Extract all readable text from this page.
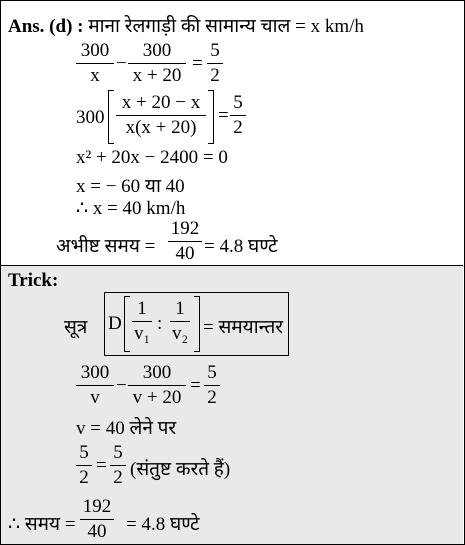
Ans. (d) : माना रेलगाड़ी की सामान्य चाल = x km/h
300
x
−
300
x + 20
=
5
2
300
x + 20 − x
x(x + 20)
=
5
2
x² + 20x − 2400 = 0
x = − 60 या 40
∴ x = 40 km/h
अभीष्ट समय =
192
40 = 4.8 घण्टे
Trick:
सूत्र D
1
v₁ :
1
v₂ = समयान्तर
300
v
−
300
v + 20
=
5
2
v = 40 लेने पर
5
2
=
5
2 (संतुष्ट करते हैं)
∴ समय =
192
40	= 4.8 घण्टे
